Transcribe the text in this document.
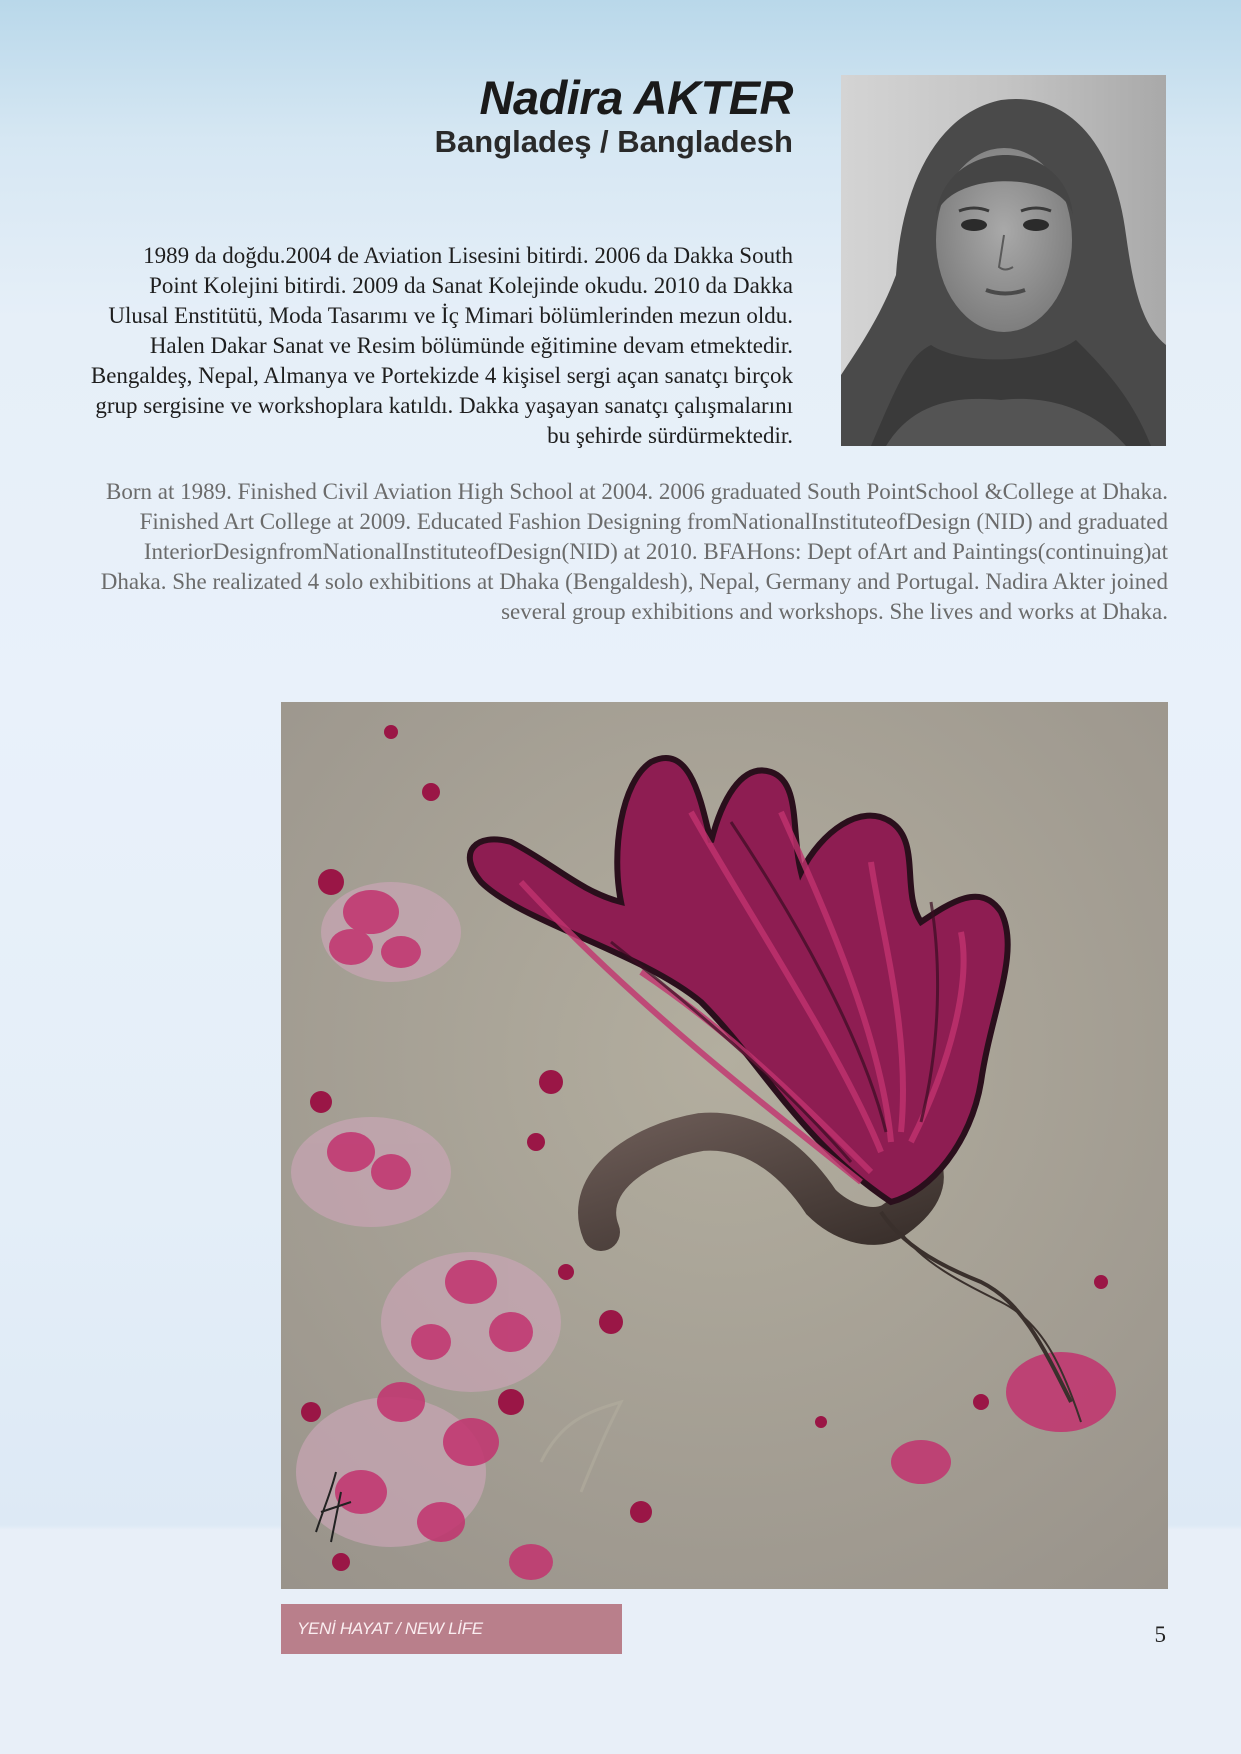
Nadira AKTER
Bangladeş / Bangladesh

1989 da doğdu.2004 de Aviation Lisesini bitirdi. 2006 da Dakka South Point Kolejini bitirdi. 2009 da Sanat Kolejinde okudu. 2010 da Dakka Ulusal Enstitütü, Moda Tasarımı ve İç Mimari bölümlerinden mezun oldu. Halen Dakar Sanat ve Resim bölümünde eğitimine devam etmektedir. Bengaldeş, Nepal, Almanya ve Portekizde 4 kişisel sergi açan sanatçı birçok grup sergisine ve workshoplara katıldı. Dakka yaşayan sanatçı çalışmalarını bu şehirde sürdürmektedir.

Born at 1989. Finished Civil Aviation High School at 2004. 2006 graduated South PointSchool &College at Dhaka. Finished Art College at 2009. Educated Fashion Designing fromNationalInstituteofDesign (NID) and graduated InteriorDesignfromNationalInstituteofDesign(NID) at 2010. BFAHons: Dept ofArt and Paintings(continuing)at Dhaka. She realizated 4 solo exhibitions at Dhaka (Bengaldesh), Nepal, Germany and Portugal. Nadira Akter joined several group exhibitions and workshops. She lives and works at Dhaka.

YENİ HAYAT / NEW LİFE	5
